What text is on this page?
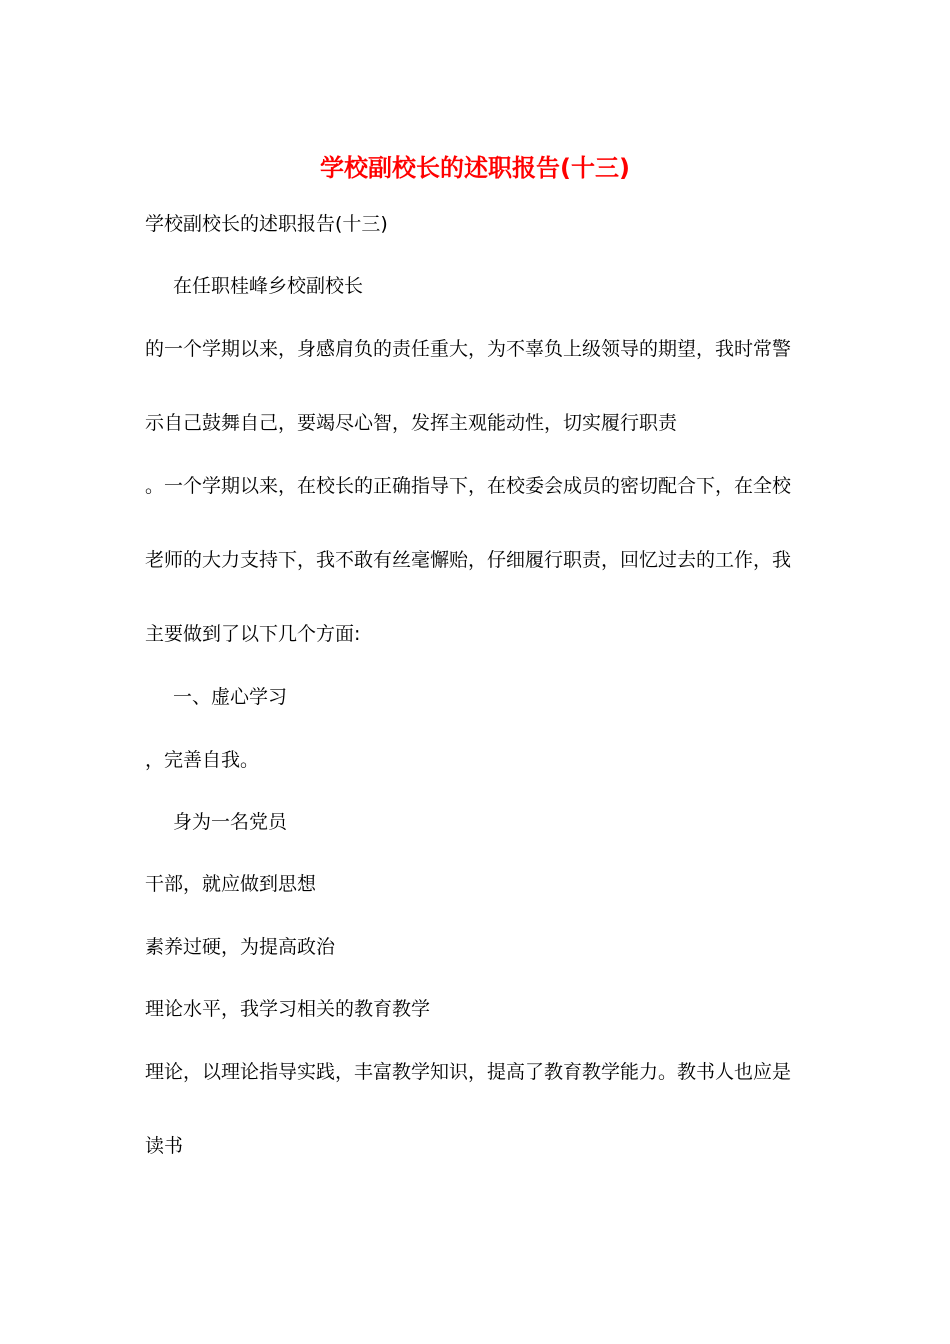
学校副校长的述职报告(十三)
学校副校长的述职报告(十三)
在任职桂峰乡校副校长
的一个学期以来，身感肩负的责任重大，为不辜负上级领导的期望，我时常警
示自己鼓舞自己，要竭尽心智，发挥主观能动性，切实履行职责
。一个学期以来，在校长的正确指导下，在校委会成员的密切配合下，在全校
老师的大力支持下，我不敢有丝毫懈贻，仔细履行职责，回忆过去的工作，我
主要做到了以下几个方面:
一、虚心学习
，完善自我。
身为一名党员
干部，就应做到思想
素养过硬，为提高政治
理论水平，我学习相关的教育教学
理论，以理论指导实践，丰富教学知识，提高了教育教学能力。教书人也应是
读书
